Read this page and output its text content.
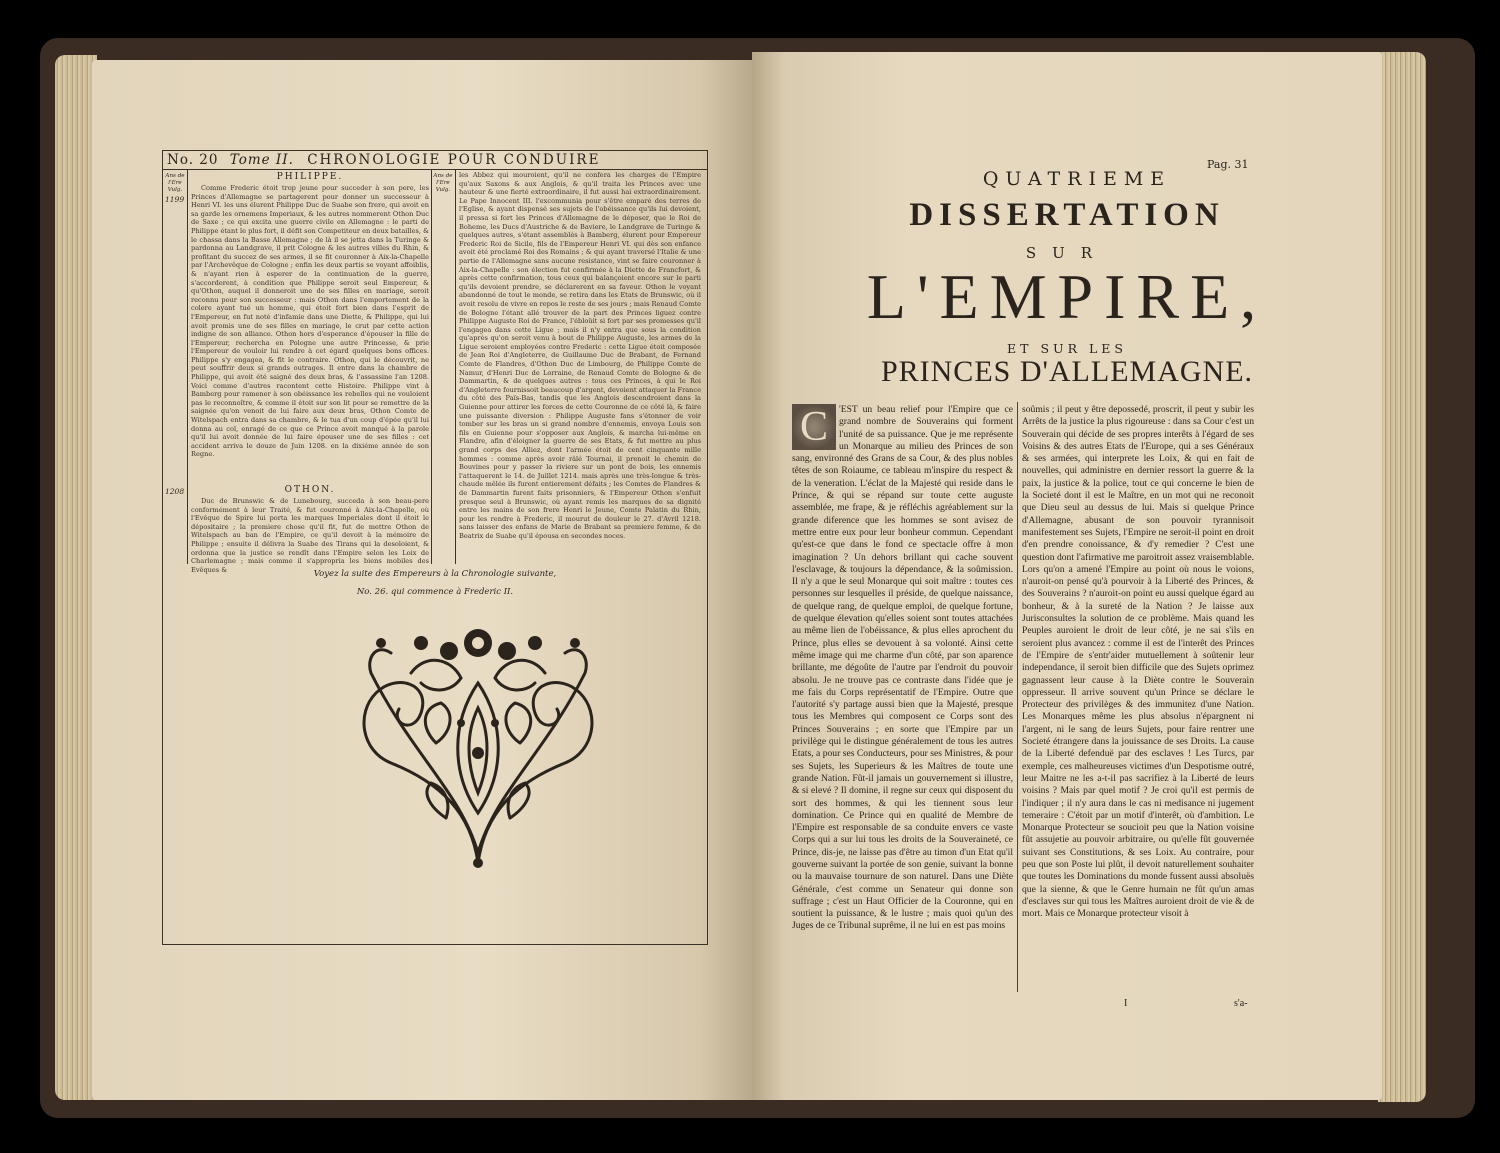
No. 20 Tome II. CHRONOLOGIE POUR CONDUIRE
Ans de l'Ere Vulg.
Ans de l'Ere Vulg.
PHILIPPE.
1199

Comme Frederic étoit trop jeune pour succeder à son pere, les Princes d'Allemagne se partagerent pour donner un successeur à Henri VI. les uns élurent Philippe Duc de Suabe son frere, qui avoit en sa garde les ornemens Imperiaux, & les autres nommerent Othon Duc de Saxe ; ce qui excita une guerre civile en Allemagne : le parti de Philippe étant le plus fort, il défit son Competiteur en deux batailles, & le chassa dans la Basse Allemagne ; de là il se jetta dans la Turinge & pardonna au Landgrave, il prit Cologne & les autres villes du Rhin, & profitant du succez de ses armes, il se fit couronner à Aix-la-Chapelle par l'Archevêque de Cologne ; enfin les deux partis se voyant affoiblis, & n'ayant rien à esperer de la continuation de la guerre, s'accorderent, à condition que Philippe seroit seul Empereur, & qu'Othon, auquel il donneroit une de ses filles en mariage, seroit reconnu pour son successeur : mais Othon dans l'emportement de la colere ayant tué un homme, qui étoit fort bien dans l'esprit de l'Empereur, en fut noté d'infamie dans une Diette, & Philippe, qui lui avoit promis une de ses filles en mariage, le crut par cette action indigne de son alliance. Othon hors d'esperance d'épouser la fille de l'Empereur, rechercha en Pologne une autre Princesse, & prie l'Empereur de vouloir lui rendre à cet égard quelques bons offices. Philippe s'y engagea, & fit le contraire. Othon, qui le découvrit, ne peut souffrir deux si grands outrages. Il entre dans la chambre de Philippe, qui avoit été saigné des deux bras, & l'assassine l'an 1208. Voici comme d'autres racontent cette Histoire. Philippe vint à Bamberg pour ramener à son obéissance les rebelles qui ne vouloient pas le reconnoître, & comme il étoit sur son lit pour se remettre de la saignée qu'on venoit de lui faire aux deux bras, Othon Comte de Witelspach entra dans sa chambre, & le tua d'un coup d'épée qu'il lui donna au col, enragé de ce que ce Prince avoit manqué à la parole qu'il lui avoit donnée de lui faire épouser une de ses filles : cet accident arriva le douze de Juin 1208. en la dixiéme année de son Regne.

OTHON.
1208

Duc de Brunswic & de Lunebourg, succeda à son beau-pere conformément à leur Traité, & fut couronné à Aix-la-Chapelle, où l'Evêque de Spire lui porta les marques Imperiales dont il étoit le dépositaire ; la premiere chose qu'il fit, fut de mettre Othon de Witelspach au ban de l'Empire, ce qu'il devoit à la mémoire de Philippe ; ensuite il délivra la Suabe des Tirans qui la desoloient, & ordonna que la justice se rendît dans l'Empire selon les Loix de Charlemagne ; mais comme il s'appropria les biens mobiles des Evêques &

les Abbez qui mouroient, qu'il ne confera les charges de l'Empire qu'aux Saxons & aux Anglois, & qu'il traita les Princes avec une hauteur & une fierté extraordinaire, il fut aussi hai extraordinairement. Le Pape Innocent III. l'excommunia pour s'être emparé des terres de l'Eglise, & ayant dispensé ses sujets de l'obéissance qu'ils lui devoient, il pressa si fort les Princes d'Allemagne de le déposer, que le Roi de Boheme, les Ducs d'Austriche & de Baviere, le Landgrave de Turinge & quelques autres, s'étant assemblés à Bamberg, élurent pour Empereur Frederic Roi de Sicile, fils de l'Empereur Henri VI. qui dès son enfance avoit été proclamé Roi des Romains ; & qui ayant traversé l'Italie & une partie de l'Allemagne sans aucune resistance, vint se faire couronner à Aix-la-Chapelle : son élection fut confirmée à la Diette de Francfort, & après cette confirmation, tous ceux qui balançoient encore sur le parti qu'ils devoient prendre, se déclarerent en sa faveur. Othon le voyant abandonné de tout le monde, se retira dans les Etats de Brunswic, où il avoit resolu de vivre en repos le reste de ses jours ; mais Renaud Comte de Bologne l'étant allé trouver de la part des Princes liguez contre Philippe Auguste Roi de France, l'ébloüit si fort par ses promesses qu'il l'engagea dans cette Ligue ; mais il n'y entra que sous la condition qu'après qu'on seroit venu à bout de Philippe Auguste, les armes de la Ligue seroient employées contre Frederic : cette Ligue étoit composée de Jean Roi d'Angleterre, de Guillaume Duc de Brabant, de Fernand Comte de Flandres, d'Othon Duc de Limbourg, de Philippe Comte de Namur, d'Henri Duc de Lorraine, de Renaud Comte de Bologne & de Dammartin, & de quelques autres : tous ces Princes, à qui le Roi d'Angleterre fournissoit beaucoup d'argent, devoient attaquer la France du côté des Païs-Bas, tandis que les Anglois descendroient dans la Guienne pour attirer les forces de cette Couronne de ce côté là, & faire une puissante diversion : Philippe Auguste fans s'étonner de voir tomber sur les bras un si grand nombre d'ennemis, envoya Louis son fils en Guienne pour s'opposer aux Anglois, & marcha lui-même en Flandre, afin d'éloigner la guerre de ses Etats, & fut mettre au plus grand corps des Alliez, dont l'armée étoit de cent cinquante mille hommes : comme après avoir râlé Tournai, il prenoit le chemin de Bouvines pour y passer la riviere sur un pont de bois, les ennemis l'attaquerent le 14. de Juillet 1214. mais après une très-longue & très-chaude mêlée ils furent entierement défaits ; les Comtes de Flandres & de Dammartin furent faits prisonniers, & l'Empereur Othon s'enfuit presque seul à Brunswic, où ayant remis les marques de sa dignité entre les mains de son frere Henri le Jeune, Comte Palatin du Rhin, pour les rendre à Frederic, il mourut de douleur le 27. d'Avril 1218. sans laisser des enfans de Marie de Brabant sa premiere femme, & de Beatrix de Suabe qu'il épousa en secondes noces.

Voyez la suite des Empereurs à la Chronologie suivante,
No. 26. qui commence à Frederic II.
Pag. 31
QUATRIEME
DISSERTATION
SUR
L'EMPIRE,
ET SUR LES
PRINCES D'ALLEMAGNE.

C	'EST un beau relief pour l'Empire que ce grand nombre de Souverains qui forment l'unité de sa puissance. Que je me représente un Monarque au milieu des Princes de son sang, environné des Grans de sa Cour, & des plus nobles têtes de son Roiaume, ce tableau m'inspire du respect & de la veneration. L'éclat de la Majesté qui reside dans le Prince, & qui se répand sur toute cette auguste assemblée, me frape, & je réfléchis agréablement sur la grande diference que les hommes se sont avisez de mettre entre eux pour leur bonheur commun. Cependant qu'est-ce que dans le fond ce spectacle offre à mon imagination ? Un dehors brillant qui cache souvent l'esclavage, & toujours la dépendance, & la soûmission. Il n'y a que le seul Monarque qui soit maître : toutes ces personnes sur lesquelles il préside, de quelque naissance, de quelque rang, de quelque emploi, de quelque fortune, de quelque élevation qu'elles soient sont toutes attachées au même lien de l'obéissance, & plus elles aprochent du Prince, plus elles se devouent à sa volonté. Ainsi cette même image qui me charme d'un côté, par son aparence brillante, me dégoûte de l'autre par l'endroit du pouvoir absolu. Je ne trouve pas ce contraste dans l'idée que je me fais du Corps représentatif de l'Empire. Outre que l'autorité s'y partage aussi bien que la Majesté, presque tous les Membres qui composent ce Corps sont des Princes Souverains ; en sorte que l'Empire par un privilège qui le distingue généralement de tous les autres Etats, a pour ses Conducteurs, pour ses Ministres, & pour ses Sujets, les Superieurs & les Maîtres de toute une grande Nation. Fût-il jamais un gouvernement si illustre, & si elevé ? Il domine, il regne sur ceux qui disposent du sort des hommes, & qui les tiennent sous leur domination. Ce Prince qui en qualité de Membre de l'Empire est responsable de sa conduite envers ce vaste Corps qui a sur lui tous les droits de la Souveraineté, ce Prince, dis-je, ne laisse pas d'être au timon d'un Etat qu'il gouverne suivant la portée de son genie, suivant la bonne ou la mauvaise tournure de son naturel. Dans une Diète Générale, c'est comme un Senateur qui donne son suffrage ; c'est un Haut Officier de la Couronne, qui en soutient la puissance, & le lustre ; mais quoi qu'un des Juges de ce Tribunal suprême, il ne lui en est pas moins

soûmis ; il peut y être depossedé, proscrit, il peut y subir les Arrêts de la justice la plus rigoureuse : dans sa Cour c'est un Souverain qui décide de ses propres interêts à l'égard de ses Voisins & des autres Etats de l'Europe, qui a ses Généraux & ses armées, qui interprete les Loix, & qui en fait de nouvelles, qui administre en dernier ressort la guerre & la paix, la justice & la police, tout ce qui concerne le bien de la Societé dont il est le Maître, en un mot qui ne reconoit que Dieu seul au dessus de lui. Mais si quelque Prince d'Allemagne, abusant de son pouvoir tyrannisoit manifestement ses Sujets, l'Empire ne seroit-il point en droit d'en prendre conoissance, & d'y remedier ? C'est une question dont l'afirmative me paroitroit assez vraisemblable. Lors qu'on a amené l'Empire au point où nous le voions, n'auroit-on pensé qu'à pourvoir à la Liberté des Princes, & des Souverains ? n'auroit-on point eu aussi quelque égard au bonheur, & à la sureté de la Nation ? Je laisse aux Jurisconsultes la solution de ce problème. Mais quand les Peuples auroient le droit de leur côté, je ne sai s'ils en seroient plus avancez : comme il est de l'interêt des Princes de l'Empire de s'entr'aider mutuellement à soûtenir leur independance, il seroit bien difficile que des Sujets oprimez gagnassent leur cause à la Diète contre le Souverain oppresseur. Il arrive souvent qu'un Prince se déclare le Protecteur des privilèges & des immunitez d'une Nation. Les Monarques même les plus absolus n'épargnent ni l'argent, ni le sang de leurs Sujets, pour faire rentrer une Societé étrangere dans la jouissance de ses Droits. La cause de la Liberté defenduë par des esclaves ! Les Turcs, par exemple, ces malheureuses victimes d'un Despotisme outré, leur Maitre ne les a-t-il pas sacrifiez à la Liberté de leurs voisins ? Mais par quel motif ? Je croi qu'il est permis de l'indiquer ; il n'y aura dans le cas ni medisance ni jugement temeraire : C'étoit par un motif d'interêt, où d'ambition. Le Monarque Protecteur se soucioit peu que la Nation voisine fût assujetie au pouvoir arbitraire, ou qu'elle fût gouvernée suivant ses Constitutions, & ses Loix. Au contraire, pour peu que son Poste lui plût, il devoit naturellement souhaiter que toutes les Dominations du monde fussent aussi absoluës que la sienne, & que le Genre humain ne fût qu'un amas d'esclaves sur qui tous les Maîtres auroient droit de vie & de mort. Mais ce Monarque protecteur visoit à

I	s'a-
